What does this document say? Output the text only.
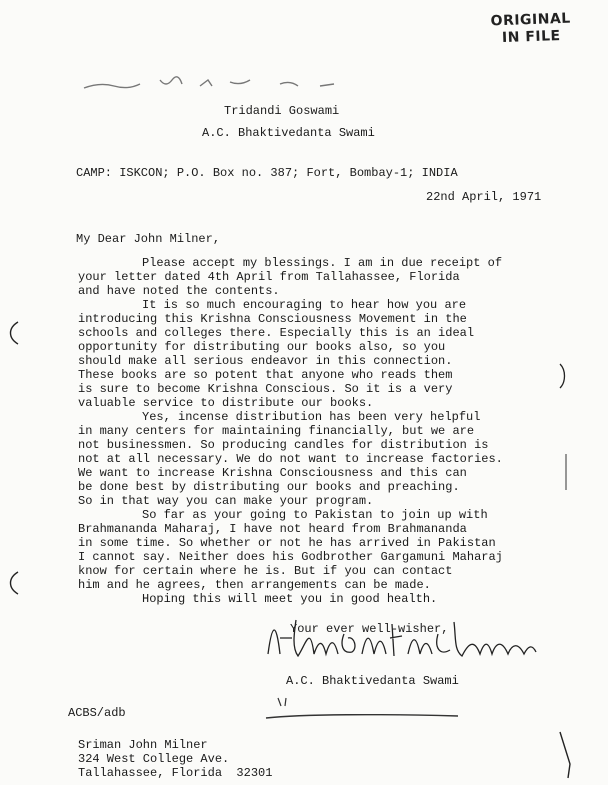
ORIGINAL
IN FILE
Tridandi Goswami
A.C. Bhaktivedanta Swami
CAMP: ISKCON; P.O. Box no. 387; Fort, Bombay-1; INDIA
22nd April, 1971
My Dear John Milner,
Please accept my blessings. I am in due receipt of
your letter dated 4th April from Tallahassee, Florida
and have noted the contents.
It is so much encouraging to hear how you are
introducing this Krishna Consciousness Movement in the
schools and colleges there. Especially this is an ideal
opportunity for distributing our books also, so you
should make all serious endeavor in this connection.
These books are so potent that anyone who reads them
is sure to become Krishna Conscious. So it is a very
valuable service to distribute our books.
Yes, incense distribution has been very helpful
in many centers for maintaining financially, but we are
not businessmen. So producing candles for distribution is
not at all necessary. We do not want to increase factories.
We want to increase Krishna Consciousness and this can
be done best by distributing our books and preaching.
So in that way you can make your program.
So far as your going to Pakistan to join up with
Brahmananda Maharaj, I have not heard from Brahmananda
in some time. So whether or not he has arrived in Pakistan
I cannot say. Neither does his Godbrother Gargamuni Maharaj
know for certain where he is. But if you can contact
him and he agrees, then arrangements can be made.
Hoping this will meet you in good health.
Your ever well-wisher,
A.C. Bhaktivedanta Swami
ACBS/adb
Sriman John Milner
324 West College Ave.
Tallahassee, Florida  32301
